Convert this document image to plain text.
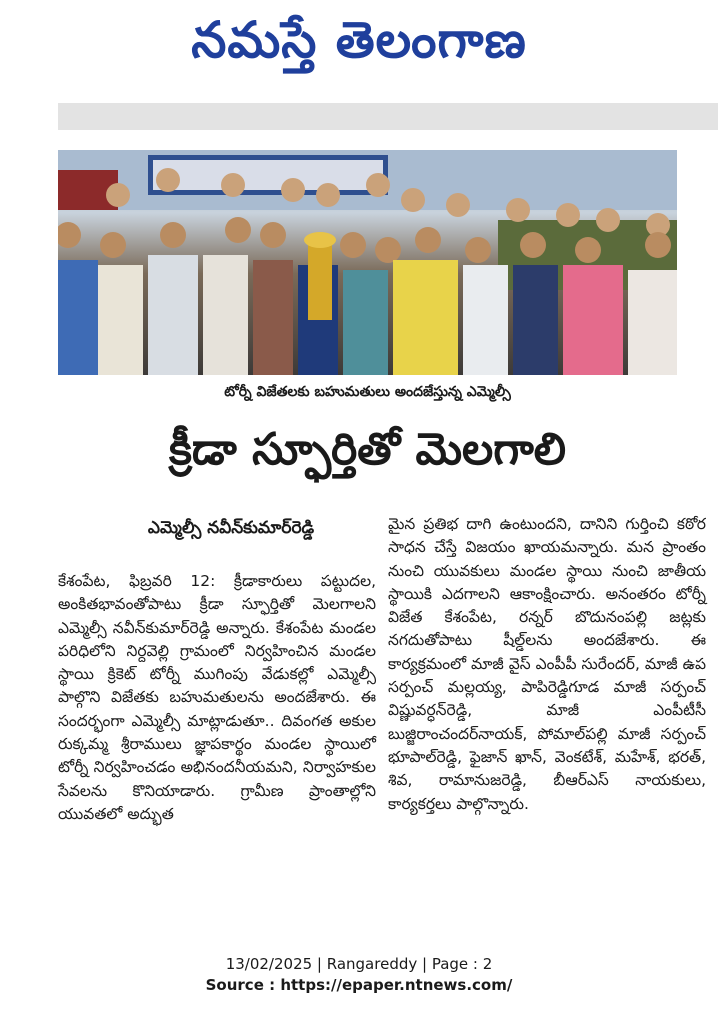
నమస్తే తెలంగాణ
టోర్నీ విజేతలకు బహుమతులు అందజేస్తున్న ఎమ్మెల్సీ
క్రీడా స్ఫూర్తితో మెలగాలి
ఎమ్మెల్సీ నవీన్‌కుమార్‌రెడ్డి
కేశంపేట, ఫిబ్రవరి 12: క్రీడాకారులు పట్టుదల, అంకితభావంతోపాటు క్రీడా స్ఫూర్తితో మెలగాలని ఎమ్మెల్సీ నవీన్‌కుమార్‌రెడ్డి అన్నారు. కేశంపేట మండల పరిధిలోని నిర్దవెల్లి గ్రామంలో నిర్వహించిన మండల స్థాయి క్రికెట్ టోర్నీ ముగింపు వేడుకల్లో ఎమ్మెల్సీ పాల్గొని విజేతకు బహుమతులను అందజేశారు. ఈ సందర్భంగా ఎమ్మెల్సీ మాట్లాడుతూ.. దివంగత అకుల రుక్కమ్మ శ్రీరాములు జ్ఞాపకార్థం మండల స్థాయిలో టోర్నీ నిర్వహించడం అభినందనీయమని, నిర్వాహకుల సేవలను కొనియాడారు. గ్రామీణ ప్రాంతాల్లోని యువతలో అద్భుత
మైన ప్రతిభ దాగి ఉంటుందని, దానిని గుర్తించి కఠోర సాధన చేస్తే విజయం ఖాయమన్నారు. మన ప్రాంతం నుంచి యువకులు మండల స్థాయి నుంచి జాతీయ స్థాయికి ఎదగాలని ఆకాంక్షించారు. అనంతరం టోర్నీ విజేత కేశంపేట, రన్నర్ బొదునంపల్లి జట్లకు నగదుతోపాటు షీల్డ్‌లను అందజేశారు. ఈ కార్యక్రమంలో మాజీ వైస్ ఎంపీపీ సురేందర్, మాజీ ఉప సర్పంచ్ మల్లయ్య, పాపిరెడ్డిగూడ మాజీ సర్పంచ్ విష్ణువర్ధన్‌రెడ్డి, మాజీ ఎంపీటీసీ బుజ్జిరాంచందర్‌నాయక్, పోమాల్‌పల్లి మాజీ సర్పంచ్ భూపాల్‌రెడ్డి, ఫైజాన్ ఖాన్, వెంకటేశ్, మహేశ్, భరత్, శివ, రామానుజరెడ్డి, బీఆర్‌ఎస్ నాయకులు, కార్యకర్తలు పాల్గొన్నారు.
13/02/2025 | Rangareddy | Page : 2
Source : https://epaper.ntnews.com/
